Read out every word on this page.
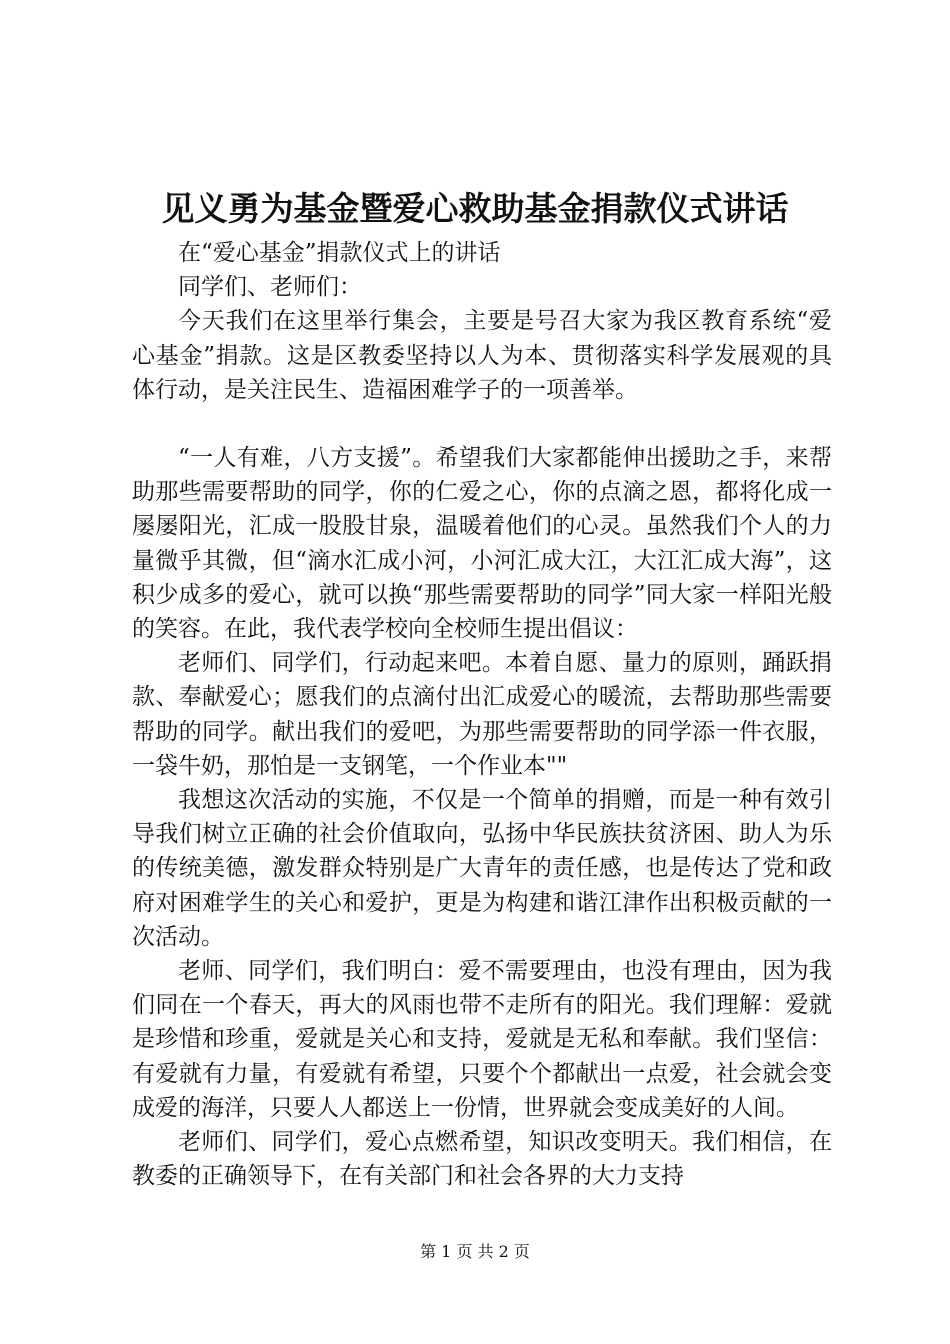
见义勇为基金暨爱心救助基金捐款仪式讲话

在“爱心基金”捐款仪式上的讲话

同学们、老师们：

今天我们在这里举行集会，主要是号召大家为我区教育系统“爱心基金”捐款。这是区教委坚持以人为本、贯彻落实科学发展观的具体行动，是关注民生、造福困难学子的一项善举。

“一人有难，八方支援”。希望我们大家都能伸出援助之手，来帮助那些需要帮助的同学，你的仁爱之心，你的点滴之恩，都将化成一屡屡阳光，汇成一股股甘泉，温暖着他们的心灵。虽然我们个人的力量微乎其微，但“滴水汇成小河，小河汇成大江，大江汇成大海”，这积少成多的爱心，就可以换“那些需要帮助的同学”同大家一样阳光般的笑容。在此，我代表学校向全校师生提出倡议：

老师们、同学们，行动起来吧。本着自愿、量力的原则，踊跃捐款、奉献爱心；愿我们的点滴付出汇成爱心的暖流，去帮助那些需要帮助的同学。献出我们的爱吧，为那些需要帮助的同学添一件衣服，一袋牛奶，那怕是一支钢笔，一个作业本""

我想这次活动的实施，不仅是一个简单的捐赠，而是一种有效引导我们树立正确的社会价值取向，弘扬中华民族扶贫济困、助人为乐的传统美德，激发群众特别是广大青年的责任感，也是传达了党和政府对困难学生的关心和爱护，更是为构建和谐江津作出积极贡献的一次活动。

老师、同学们，我们明白：爱不需要理由，也没有理由，因为我们同在一个春天，再大的风雨也带不走所有的阳光。我们理解：爱就是珍惜和珍重，爱就是关心和支持，爱就是无私和奉献。我们坚信：有爱就有力量，有爱就有希望，只要个个都献出一点爱，社会就会变成爱的海洋，只要人人都送上一份情，世界就会变成美好的人间。

老师们、同学们，爱心点燃希望，知识改变明天。我们相信，在教委的正确领导下，在有关部门和社会各界的大力支持

第 1 页 共 2 页
